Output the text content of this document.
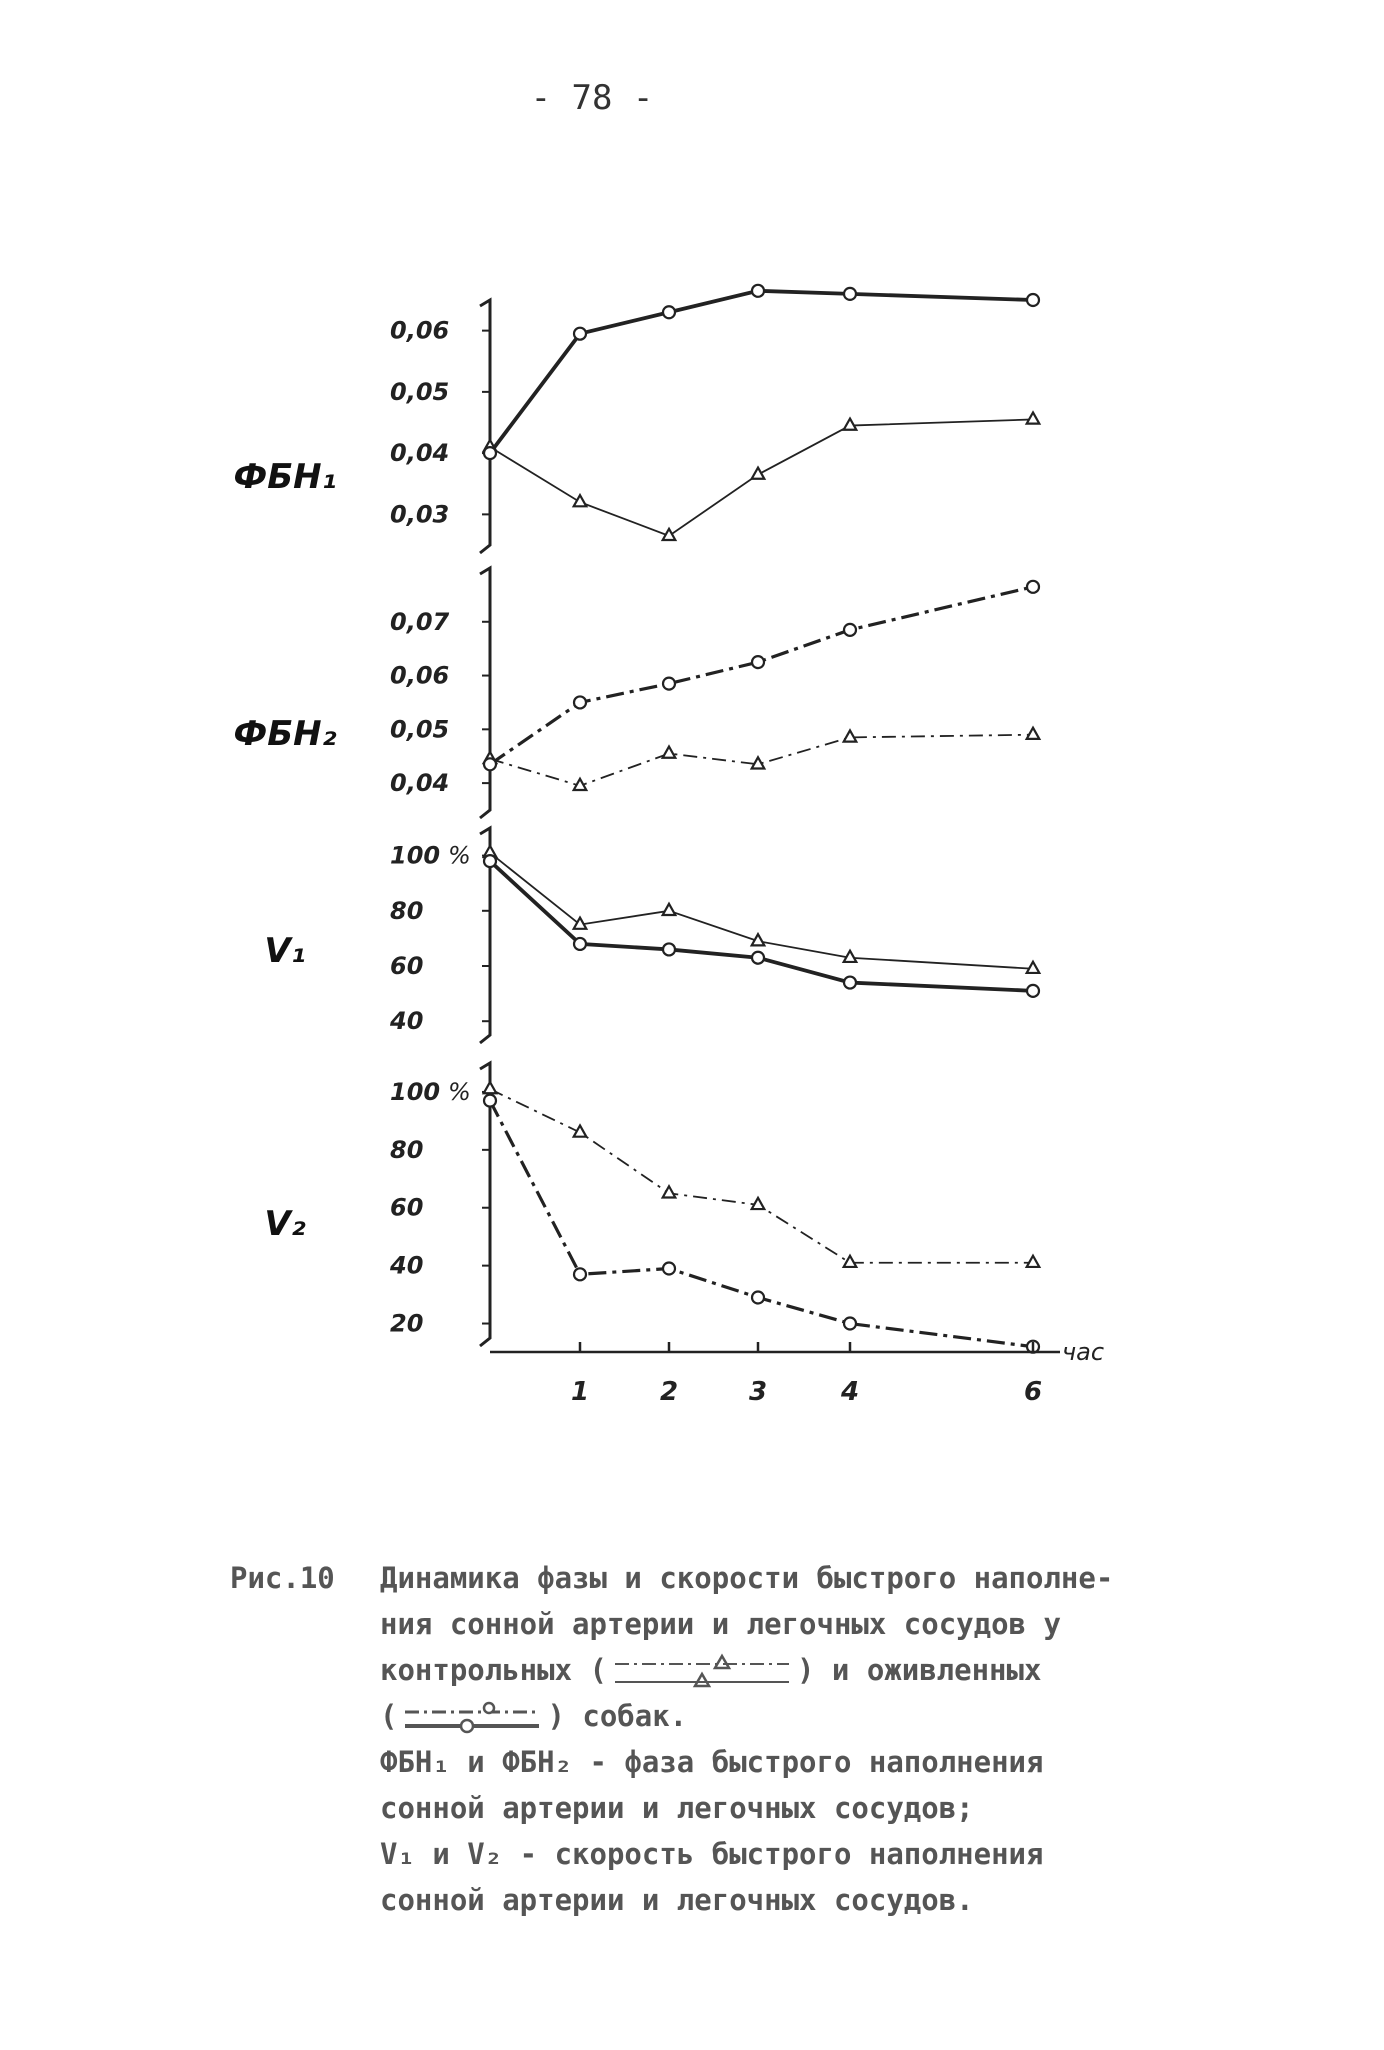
- 78 -
0,03
0,04
0,05
0,06
ФБН₁
0,04
0,05
0,06
0,07
ФБН₂
40
60
80
100 %
V₁
20
40
60
80
100 %
V₂
1	2	3	4	6
час
Рис.10 Динамика фазы и скорости быстрого наполне-
ния сонной артерии и легочных сосудов у
контрольных (	) и оживленных
(	) собак.
ФБН₁ и ФБН₂ - фаза быстрого наполнения
сонной артерии и легочных сосудов;
V₁ и V₂ - скорость быстрого наполнения
сонной артерии и легочных сосудов.
